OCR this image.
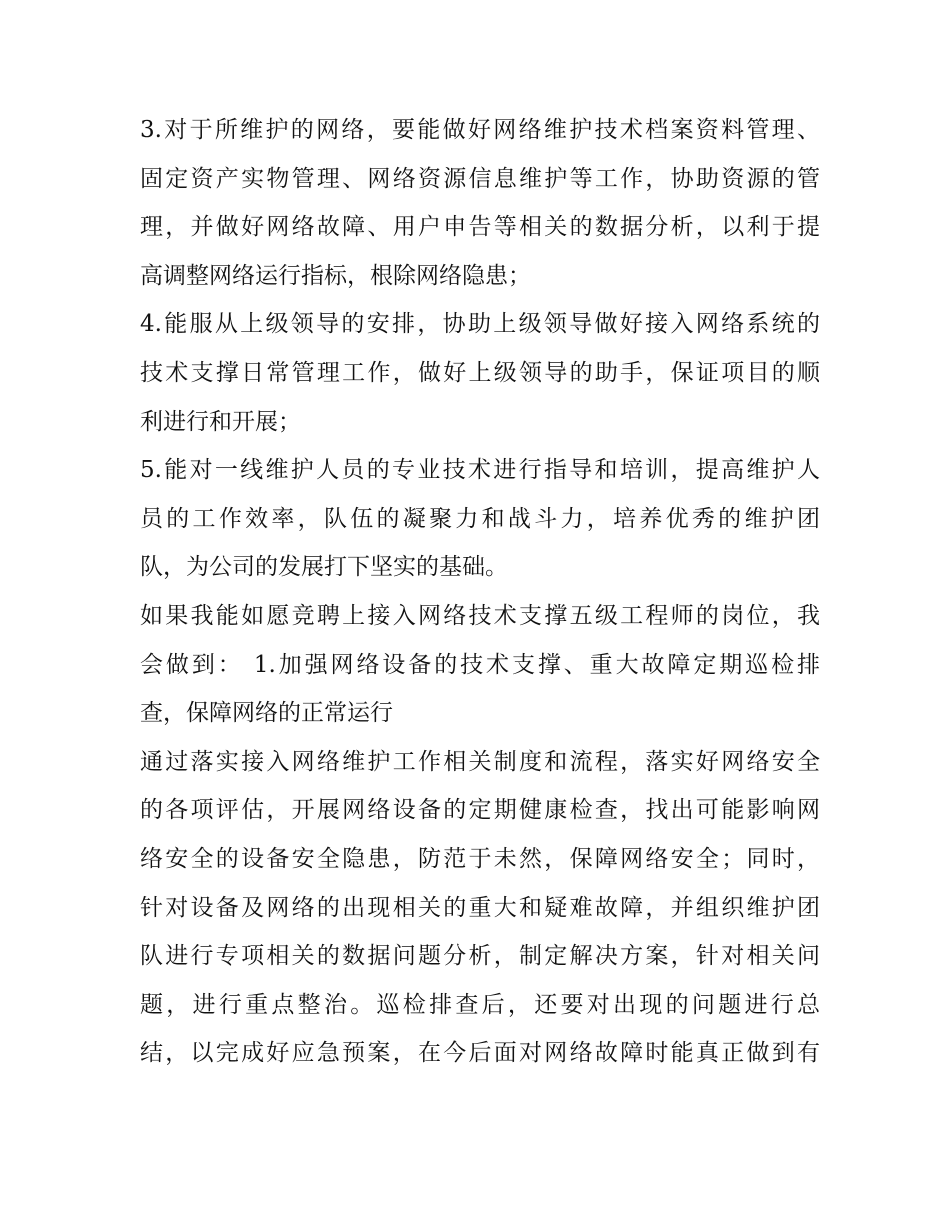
3.对于所维护的网络，要能做好网络维护技术档案资料管理、
固定资产实物管理、网络资源信息维护等工作，协助资源的管
理，并做好网络故障、用户申告等相关的数据分析，以利于提
高调整网络运行指标，根除网络隐患；
4.能服从上级领导的安排，协助上级领导做好接入网络系统的
技术支撑日常管理工作，做好上级领导的助手，保证项目的顺
利进行和开展；
5.能对一线维护人员的专业技术进行指导和培训，提高维护人
员的工作效率，队伍的凝聚力和战斗力，培养优秀的维护团
队，为公司的发展打下坚实的基础。
如果我能如愿竞聘上接入网络技术支撑五级工程师的岗位，我
会做到： 1.加强网络设备的技术支撑、重大故障定期巡检排
查，保障网络的正常运行
通过落实接入网络维护工作相关制度和流程，落实好网络安全
的各项评估，开展网络设备的定期健康检查，找出可能影响网
络安全的设备安全隐患，防范于未然，保障网络安全；同时，
针对设备及网络的出现相关的重大和疑难故障，并组织维护团
队进行专项相关的数据问题分析，制定解决方案，针对相关问
题，进行重点整治。巡检排查后，还要对出现的问题进行总
结，以完成好应急预案，在今后面对网络故障时能真正做到有
